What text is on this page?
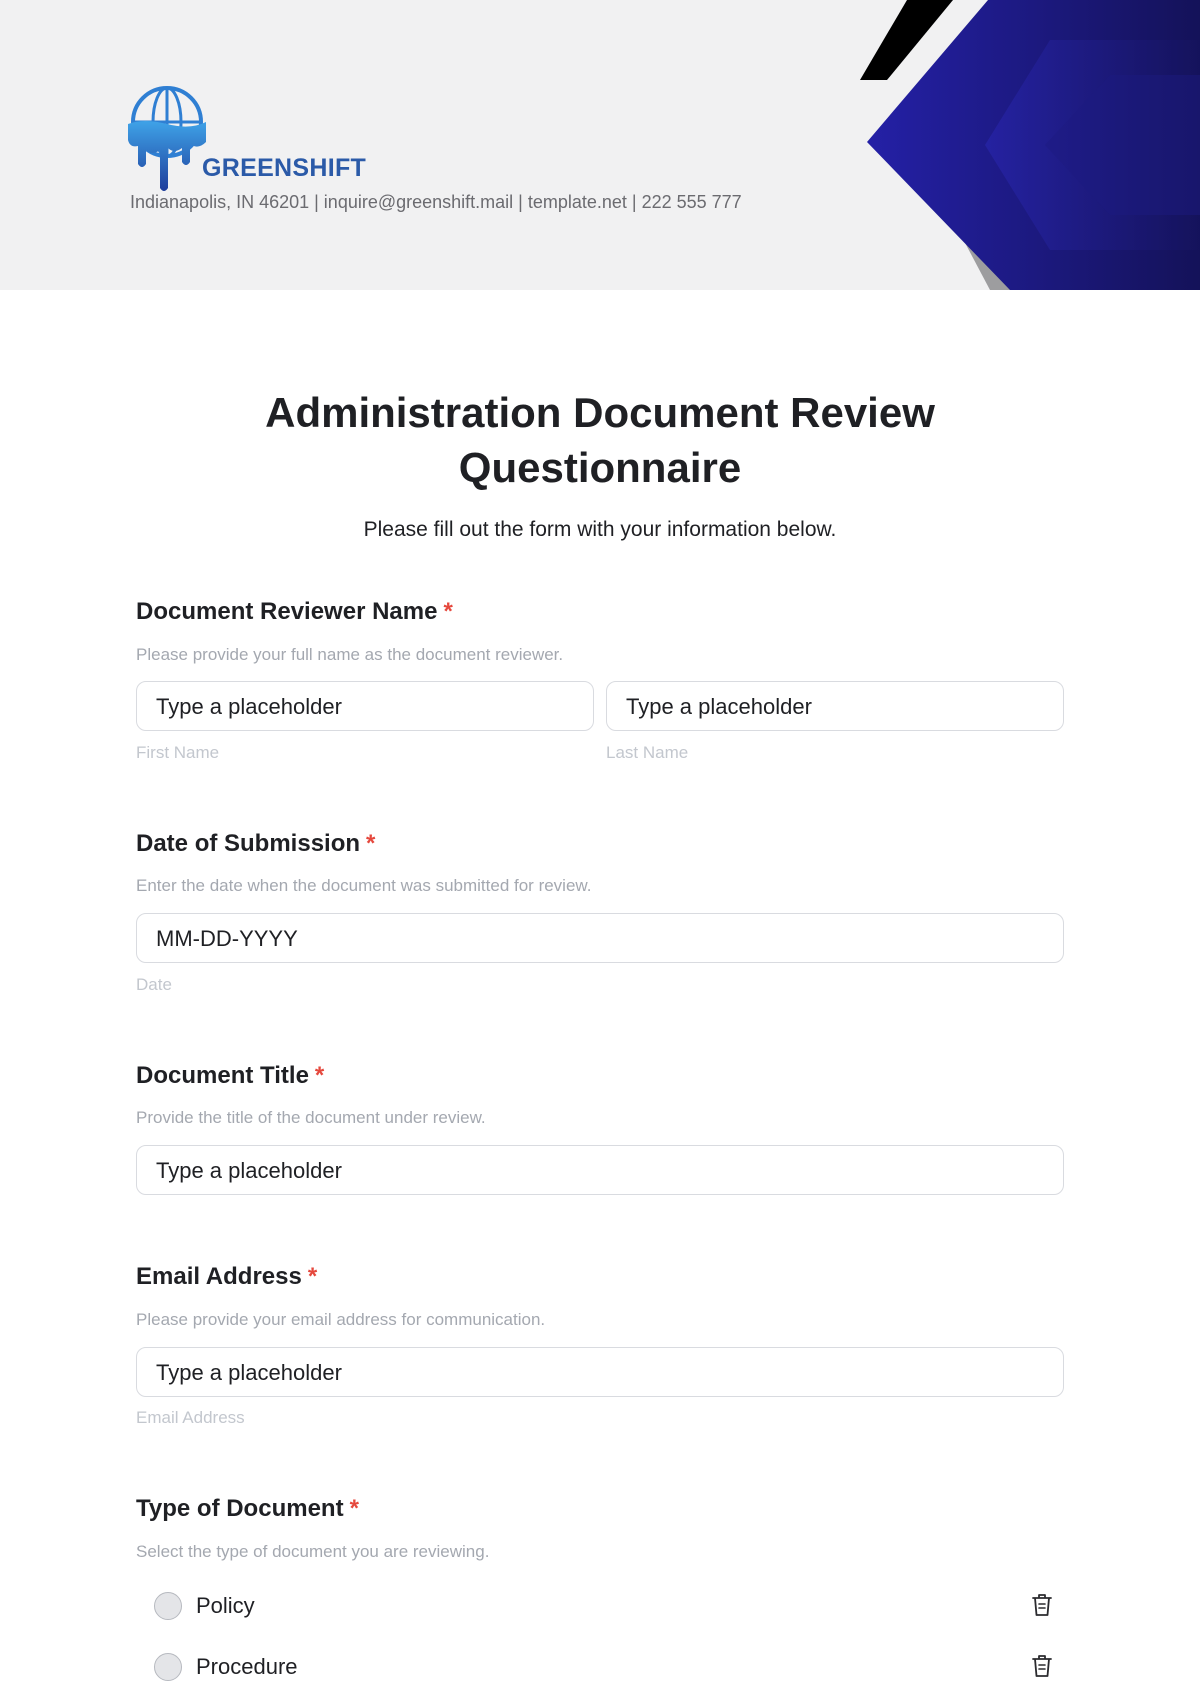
GREENSHIFT
Indianapolis, IN 46201 | inquire@greenshift.mail | template.net | 222 555 777
Administration Document Review
Questionnaire
Please fill out the form with your information below.
Document Reviewer Name *
Please provide your full name as the document reviewer.
Type a placeholder	Type a placeholder
First Name	Last Name
Date of Submission *
Enter the date when the document was submitted for review.
MM-DD-YYYY
Date
Document Title *
Provide the title of the document under review.
Type a placeholder
Email Address *
Please provide your email address for communication.
Type a placeholder
Email Address
Type of Document *
Select the type of document you are reviewing.
Policy
Procedure
